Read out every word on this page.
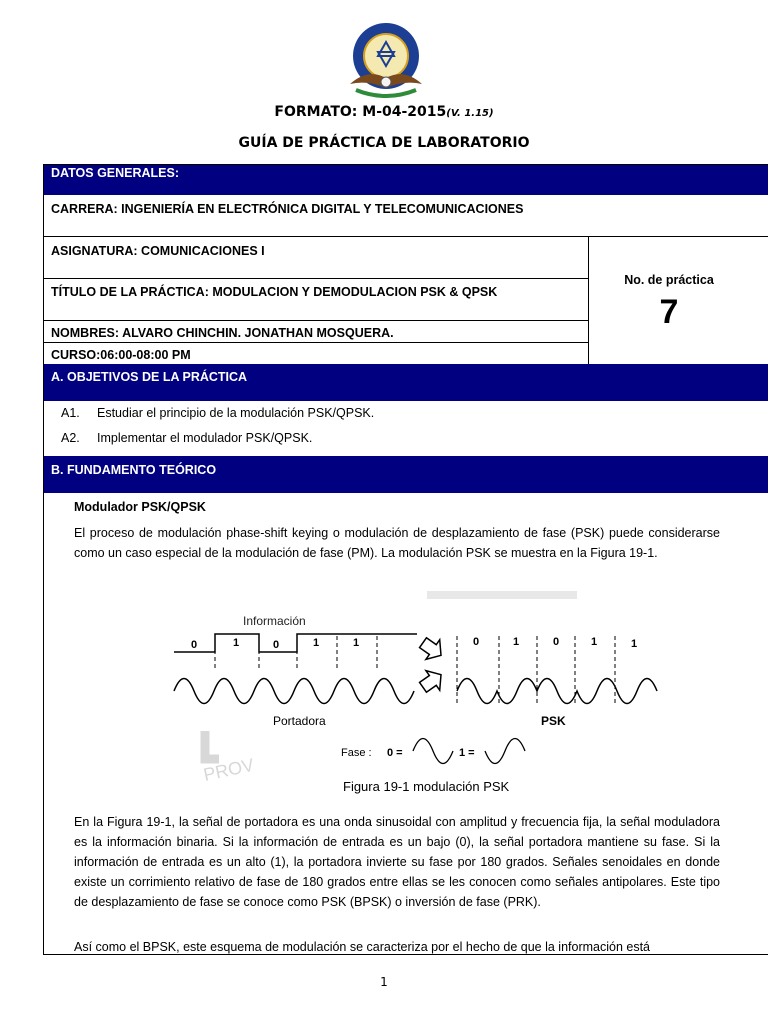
FORMATO: M-04-2015(V. 1.15)
GUÍA DE PRÁCTICA DE LABORATORIO
DATOS GENERALES:
CARRERA: INGENIERÍA EN ELECTRÓNICA DIGITAL Y TELECOMUNICACIONES
ASIGNATURA: COMUNICACIONES I
TÍTULO DE LA PRÁCTICA: MODULACION Y DEMODULACION PSK & QPSK
NOMBRES: ALVARO CHINCHIN. JONATHAN MOSQUERA.
CURSO:06:00-08:00 PM
No. de práctica
7
A. OBJETIVOS DE LA PRÁCTICA
A1. Estudiar el principio de la modulación PSK/QPSK.
A2. Implementar el modulador PSK/QPSK.
B. FUNDAMENTO TEÓRICO
Modulador PSK/QPSK

El proceso de modulación phase-shift keying o modulación de desplazamiento de fase (PSK) puede considerarse como un caso especial de la modulación de fase (PM). La modulación PSK se muestra en la Figura 19-1.

Información
0	1	0	1	1
Portadora
0	1	0	1	1
PSK
PROV
Fase : 0 =	1 =
Figura 19-1 modulación PSK

En la Figura 19-1, la señal de portadora es una onda sinusoidal con amplitud y frecuencia fija, la señal moduladora es la información binaria. Si la información de entrada es un bajo (0), la señal portadora mantiene su fase. Si la información de entrada es un alto (1), la portadora invierte su fase por 180 grados. Señales senoidales en donde existe un corrimiento relativo de fase de 180 grados entre ellas se les conocen como señales antipolares. Este tipo de desplazamiento de fase se conoce como PSK (BPSK) o inversión de fase (PRK).

Así como el BPSK, este esquema de modulación se caracteriza por el hecho de que la información está

1
